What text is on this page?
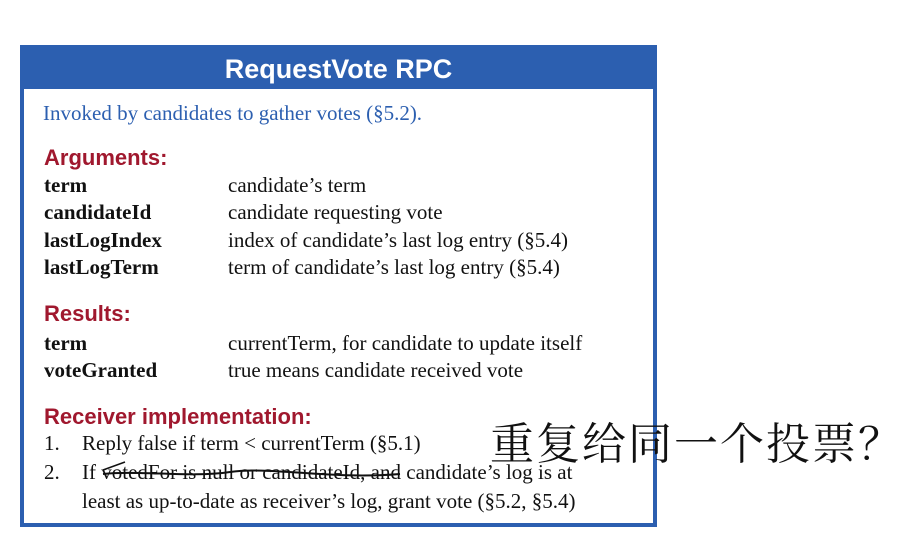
RequestVote RPC
Invoked by candidates to gather votes (§5.2).
Arguments:
term	candidate’s term
candidateId	candidate requesting vote
lastLogIndex	index of candidate’s last log entry (§5.4)
lastLogTerm	term of candidate’s last log entry (§5.4)
Results:
term	currentTerm, for candidate to update itself
voteGranted	true means candidate received vote
Receiver implementation:
1. Reply false if term < currentTerm (§5.1)
2. If votedFor is null or candidateId, and candidate’s log is at
least as up-to-date as receiver’s log, grant vote (§5.2, §5.4)
重复给同一个投票？
